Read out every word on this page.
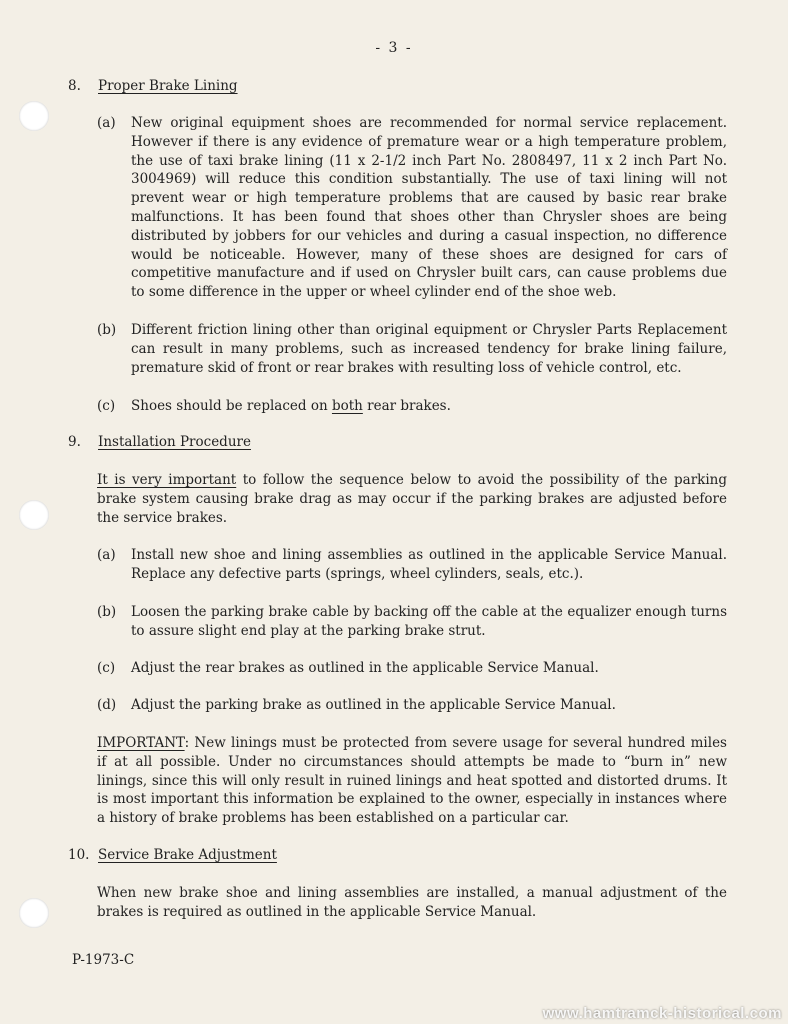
- 3 -
8. Proper Brake Lining
(a) New original equipment shoes are recommended for normal service replacement. However if there is any evidence of premature wear or a high temperature problem, the use of taxi brake lining (11 x 2-1/2 inch Part No. 2808497, 11 x 2 inch Part No. 3004969) will reduce this condition substantially. The use of taxi lining will not prevent wear or high temperature problems that are caused by basic rear brake malfunctions. It has been found that shoes other than Chrysler shoes are being distributed by jobbers for our vehicles and during a casual inspection, no difference would be noticeable. However, many of these shoes are designed for cars of competitive manufacture and if used on Chrysler built cars, can cause problems due to some difference in the upper or wheel cylinder end of the shoe web.
(b) Different friction lining other than original equipment or Chrysler Parts Replacement can result in many problems, such as increased tendency for brake lining failure, premature skid of front or rear brakes with resulting loss of vehicle control, etc.
(c) Shoes should be replaced on both rear brakes.
9. Installation Procedure
It is very important to follow the sequence below to avoid the possibility of the parking brake system causing brake drag as may occur if the parking brakes are adjusted before the service brakes.
(a) Install new shoe and lining assemblies as outlined in the applicable Service Manual. Replace any defective parts (springs, wheel cylinders, seals, etc.).
(b) Loosen the parking brake cable by backing off the cable at the equalizer enough turns to assure slight end play at the parking brake strut.
(c) Adjust the rear brakes as outlined in the applicable Service Manual.
(d) Adjust the parking brake as outlined in the applicable Service Manual.
IMPORTANT: New linings must be protected from severe usage for several hundred miles if at all possible. Under no circumstances should attempts be made to “burn in” new linings, since this will only result in ruined linings and heat spotted and distorted drums. It is most important this information be explained to the owner, especially in instances where a history of brake problems has been established on a particular car.
10. Service Brake Adjustment
When new brake shoe and lining assemblies are installed, a manual adjustment of the brakes is required as outlined in the applicable Service Manual.
P-1973-C
www.hamtramck-historical.com
